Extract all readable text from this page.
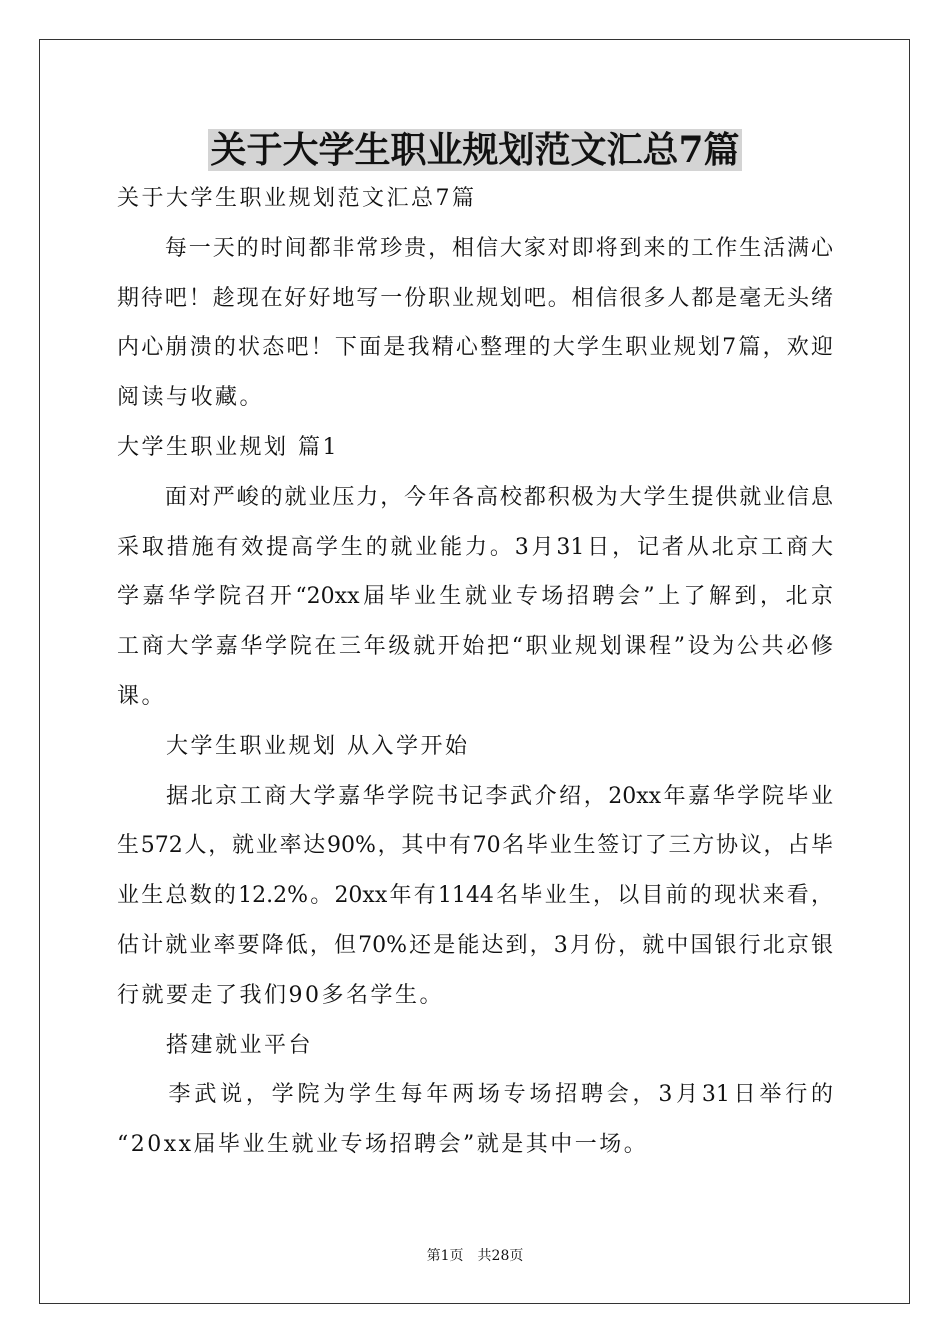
关于大学生职业规划范文汇总7篇
关于大学生职业规划范文汇总7篇
　　每一天的时间都非常珍贵，相信大家对即将到来的工作生活满心
期待吧！趁现在好好地写一份职业规划吧。相信很多人都是毫无头绪
内心崩溃的状态吧！下面是我精心整理的大学生职业规划7篇，欢迎
阅读与收藏。
大学生职业规划 篇1
　　面对严峻的就业压力，今年各高校都积极为大学生提供就业信息
采取措施有效提高学生的就业能力。3月31日，记者从北京工商大
学嘉华学院召开“20xx届毕业生就业专场招聘会”上了解到，北京
工商大学嘉华学院在三年级就开始把“职业规划课程”设为公共必修
课。
　　大学生职业规划 从入学开始
　　据北京工商大学嘉华学院书记李武介绍，20xx年嘉华学院毕业
生572人，就业率达90%，其中有70名毕业生签订了三方协议，占毕
业生总数的12.2%。20xx年有1144名毕业生，以目前的现状来看，
估计就业率要降低，但70%还是能达到，3月份，就中国银行北京银
行就要走了我们90多名学生。
　　搭建就业平台
　　李武说，学院为学生每年两场专场招聘会，3月31日举行的
“20xx届毕业生就业专场招聘会”就是其中一场。
第1页　共28页
